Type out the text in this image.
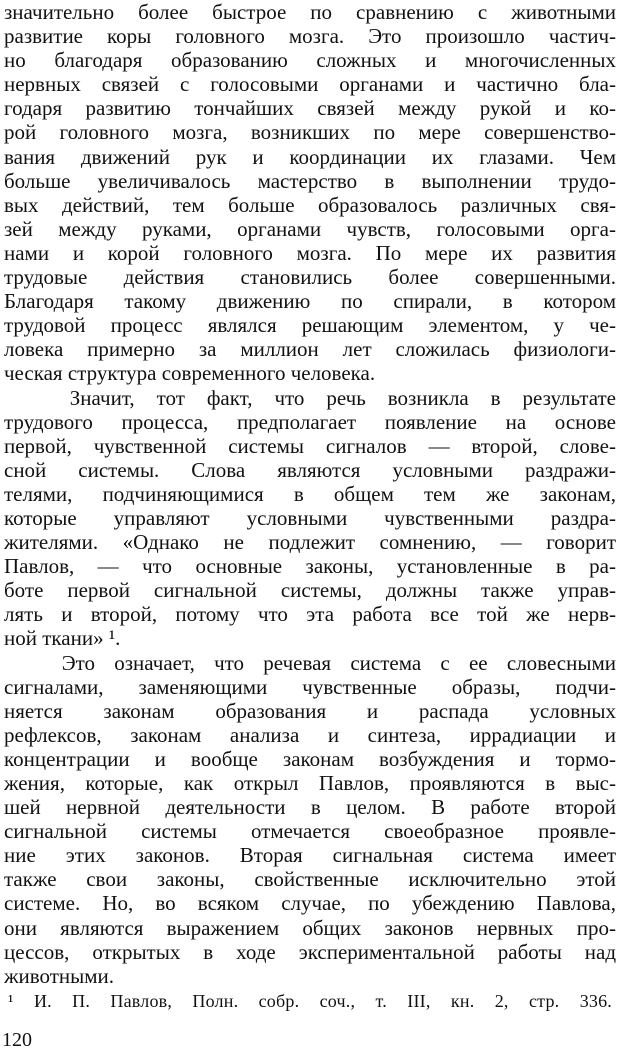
значительно более быстрое по сравнению с животными
развитие коры головного мозга. Это произошло частич-
но благодаря образованию сложных и многочисленных
нервных связей с голосовыми органами и частично бла-
годаря развитию тончайших связей между рукой и ко-
рой головного мозга, возникших по мере совершенство-
вания движений рук и координации их глазами. Чем
больше увеличивалось мастерство в выполнении трудо-
вых действий, тем больше образовалось различных свя-
зей между руками, органами чувств, голосовыми орга-
нами и корой головного мозга. По мере их развития
трудовые действия становились более совершенными.
Благодаря такому движению по спирали, в котором
трудовой процесс являлся решающим элементом, у че-
ловека примерно за миллион лет сложилась физиологи-
ческая структура современного человека.
Значит, тот факт, что речь возникла в результате
трудового процесса, предполагает появление на основе
первой, чувственной системы сигналов — второй, слове-
сной системы. Слова являются условными раздражи-
телями, подчиняющимися в общем тем же законам,
которые управляют условными чувственными раздра-
жителями. «Однако не подлежит сомнению, — говорит
Павлов, — что основные законы, установленные в ра-
боте первой сигнальной системы, должны также управ-
лять и второй, потому что эта работа все той же нерв-
ной ткани» ¹.
Это означает, что речевая система с ее словесными
сигналами, заменяющими чувственные образы, подчи-
няется законам образования и распада условных
рефлексов, законам анализа и синтеза, иррадиации и
концентрации и вообще законам возбуждения и тормо-
жения, которые, как открыл Павлов, проявляются в выс-
шей нервной деятельности в целом. В работе второй
сигнальной системы отмечается своеобразное проявле-
ние этих законов. Вторая сигнальная система имеет
также свои законы, свойственные исключительно этой
системе. Но, во всяком случае, по убеждению Павлова,
они являются выражением общих законов нервных про-
цессов, открытых в ходе экспериментальной работы над
животными.
¹ И. П. Павлов, Полн. собр. соч., т. III, кн. 2, стр. 336.
120
